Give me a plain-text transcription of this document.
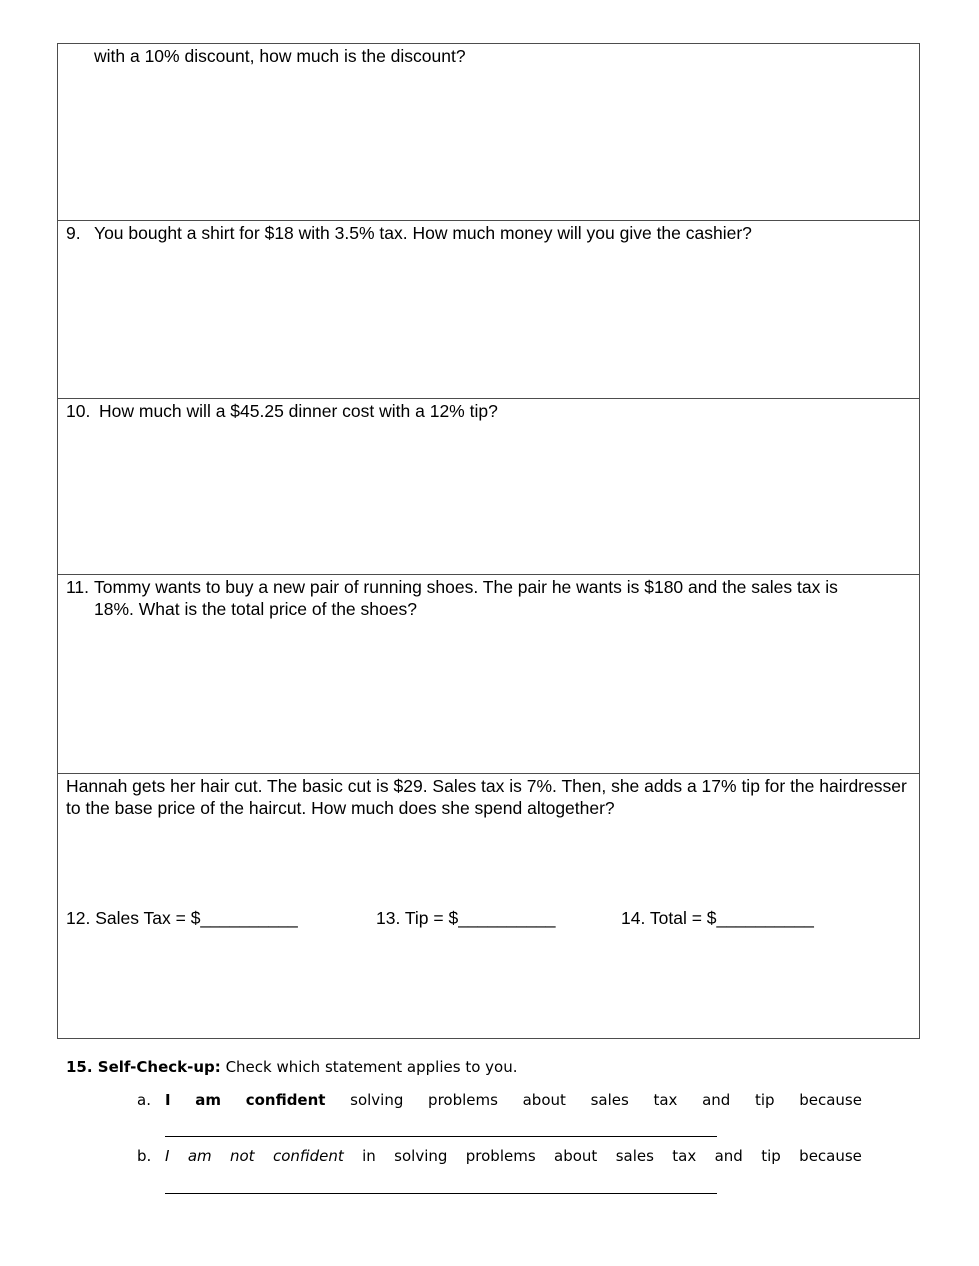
with a 10% discount, how much is the discount?
9. You bought a shirt for $18 with 3.5% tax. How much money will you give the cashier?
10. How much will a $45.25 dinner cost with a 12% tip?
11. Tommy wants to buy a new pair of running shoes. The pair he wants is $180 and the sales tax is
18%. What is the total price of the shoes?
Hannah gets her hair cut. The basic cut is $29. Sales tax is 7%. Then, she adds a 17% tip for the hairdresser to the base price of the haircut. How much does she spend altogether?
12. Sales Tax = $__________	13. Tip = $__________	14. Total = $__________
15. Self-Check-up: Check which statement applies to you.
a. I am confident solving problems about sales tax and tip because
b. I am not confident in solving problems about sales tax and tip because
